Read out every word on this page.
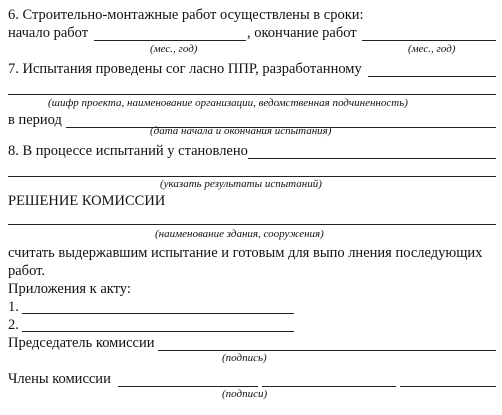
6. Строительно-монтажные работ осуществлены в сроки:
начало работ	, окончание работ
(мес., год)	(мес., год)
7. Испытания проведены сог ласно ППР, разработанному
(шифр проекта, наименование организации, ведомственная подчиненность)
в период
(дата начала и окончания испытания)
8. В процессе испытаний у становлено
(указать результаты испытаний)
РЕШЕНИЕ КОМИССИИ
(наименование здания, сооружения)
считать выдержавшим испытание и готовым для выпо лнения последующих
работ.
Приложения к акту:
1.
2.
Председатель комиссии
(подпись)
Члены комиссии
(подписи)
